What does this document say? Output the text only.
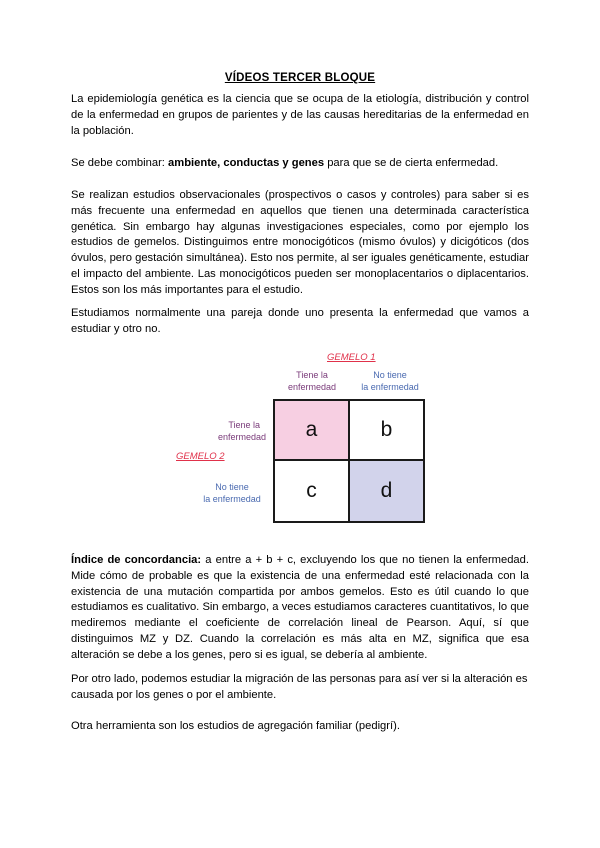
VÍDEOS TERCER BLOQUE

La epidemiología genética es la ciencia que se ocupa de la etiología, distribución y control de la enfermedad en grupos de parientes y de las causas hereditarias de la enfermedad en la población.

Se debe combinar: ambiente, conductas y genes para que se de cierta enfermedad.

Se realizan estudios observacionales (prospectivos o casos y controles) para saber si es más frecuente una enfermedad en aquellos que tienen una determinada característica genética. Sin embargo hay algunas investigaciones especiales, como por ejemplo los estudios de gemelos. Distinguimos entre monocigóticos (mismo óvulos) y dicigóticos (dos óvulos, pero gestación simultánea). Esto nos permite, al ser iguales genéticamente, estudiar el impacto del ambiente. Las monocigóticos pueden ser monoplacentarios o diplacentarios. Estos son los más importantes para el estudio.

Estudiamos normalmente una pareja donde uno presenta la enfermedad que vamos a estudiar y otro no.

GEMELO 1
Tiene la
enfermedad
No tiene
la enfermedad
Tiene la
enfermedad
GEMELO 2
No tiene
la enfermedad
a	b
c	d

Índice de concordancia: a entre a + b + c, excluyendo los que no tienen la enfermedad. Mide cómo de probable es que la existencia de una enfermedad esté relacionada con la existencia de una mutación compartida por ambos gemelos. Esto es útil cuando lo que estudiamos es cualitativo. Sin embargo, a veces estudiamos caracteres cuantitativos, lo que mediremos mediante el coeficiente de correlación lineal de Pearson. Aquí, sí que distinguimos MZ y DZ. Cuando la correlación es más alta en MZ, significa que esa alteración se debe a los genes, pero si es igual, se debería al ambiente.

Por otro lado, podemos estudiar la migración de las personas para así ver si la alteración es causada por los genes o por el ambiente.

Otra herramienta son los estudios de agregación familiar (pedigrí).
